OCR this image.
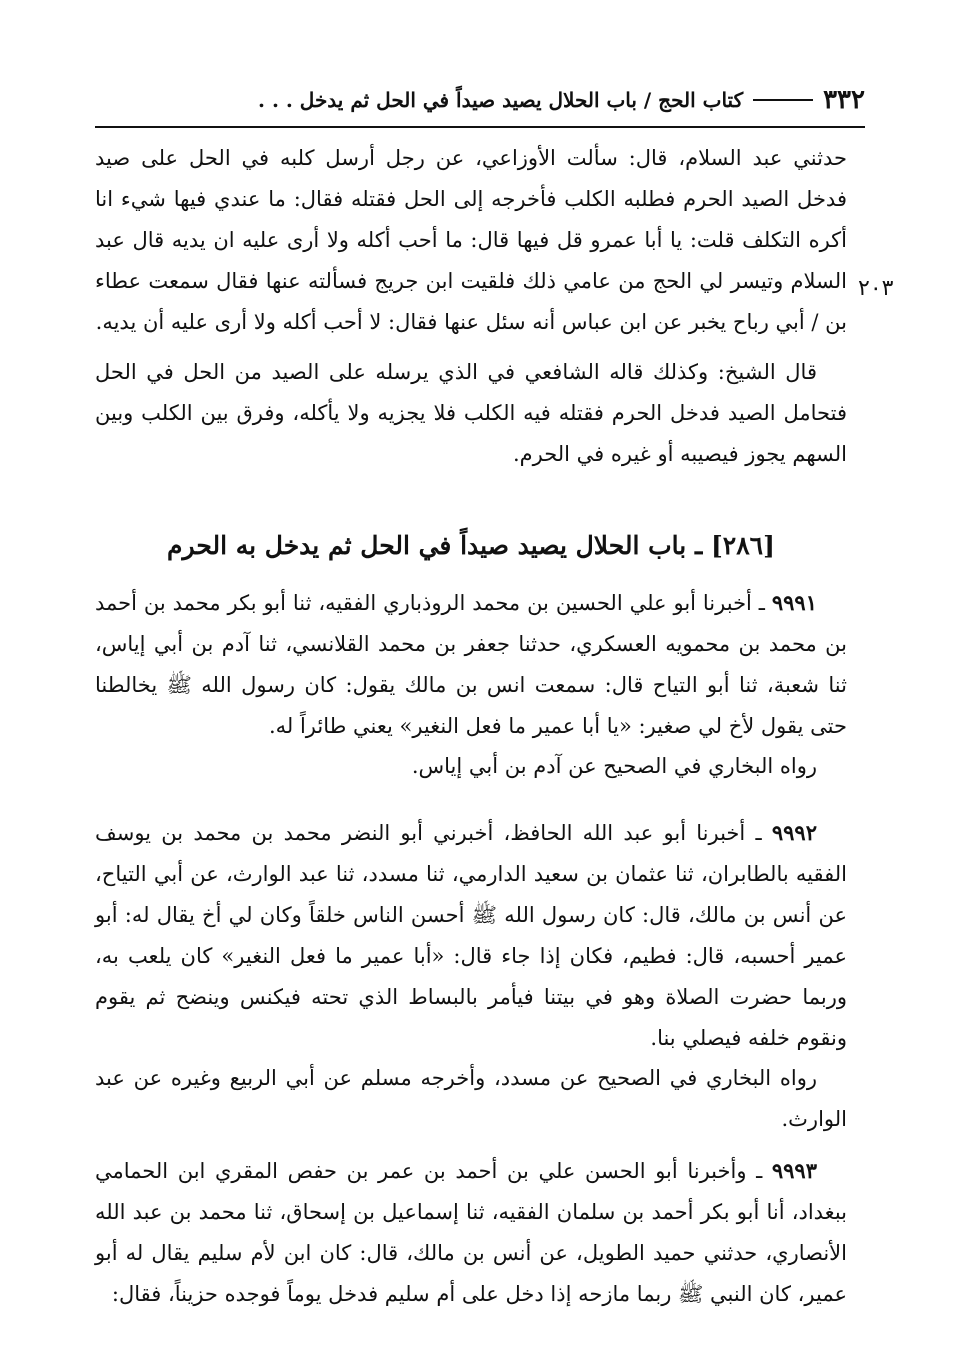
٣٣٢
كتاب الحج / باب الحلال يصيد صيداً في الحل ثم يدخل . . .
٢٠٣

حدثني عبد السلام، قال: سألت الأوزاعي، عن رجل أرسل كلبه في الحل على صيد فدخل الصيد الحرم فطلبه الكلب فأخرجه إلى الحل فقتله فقال: ما عندي فيها شيء انا أكره التكلف قلت: يا أبا عمرو قل فيها قال: ما أحب أكله ولا أرى عليه ان يديه قال عبد السلام وتيسر لي الحج من عامي ذلك فلقيت ابن جريج فسألته عنها فقال سمعت عطاء بن / أبي رباح يخبر عن ابن عباس أنه سئل عنها فقال: لا أحب أكله ولا أرى عليه أن يديه.

قال الشيخ: وكذلك قاله الشافعي في الذي يرسله على الصيد من الحل في الحل فتحامل الصيد فدخل الحرم فقتله فيه الكلب فلا يجزيه ولا يأكله، وفرق بين الكلب وبين السهم يجوز فيصيبه أو غيره في الحرم.

[٢٨٦] ـ باب الحلال يصيد صيداً في الحل ثم يدخل به الحرم

٩٩٩١ ـ أخبرنا أبو علي الحسين بن محمد الروذباري الفقيه، ثنا أبو بكر محمد بن أحمد بن محمد بن محمويه العسكري، حدثنا جعفر بن محمد القلانسي، ثنا آدم بن أبي إياس، ثنا شعبة، ثنا أبو التياح قال: سمعت انس بن مالك يقول: كان رسول الله ﷺ يخالطنا حتى يقول لأخ لي صغير: «يا أبا عمير ما فعل النغير» يعني طائراً له.

رواه البخاري في الصحيح عن آدم بن أبي إياس.

٩٩٩٢ ـ أخبرنا أبو عبد الله الحافظ، أخبرني أبو النضر محمد بن محمد بن يوسف الفقيه بالطابران، ثنا عثمان بن سعيد الدارمي، ثنا مسدد، ثنا عبد الوارث، عن أبي التياح، عن أنس بن مالك، قال: كان رسول الله ﷺ أحسن الناس خلقاً وكان لي أخ يقال له: أبو عمير أحسبه، قال: فطيم، فكان إذا جاء قال: «أبا عمير ما فعل النغير» كان يلعب به، وربما حضرت الصلاة وهو في بيتنا فيأمر بالبساط الذي تحته فيكنس وينضح ثم يقوم ونقوم خلفه فيصلي بنا.

رواه البخاري في الصحيح عن مسدد، وأخرجه مسلم عن أبي الربيع وغيره عن عبد الوارث.

٩٩٩٣ ـ وأخبرنا أبو الحسن علي بن أحمد بن عمر بن حفص المقري ابن الحمامي ببغداد، أنا أبو بكر أحمد بن سلمان الفقيه، ثنا إسماعيل بن إسحاق، ثنا محمد بن عبد الله الأنصاري، حدثني حميد الطويل، عن أنس بن مالك، قال: كان ابن لأم سليم يقال له أبو عمير، كان النبي ﷺ ربما مازحه إذا دخل على أم سليم فدخل يوماً فوجده حزيناً، فقال:
